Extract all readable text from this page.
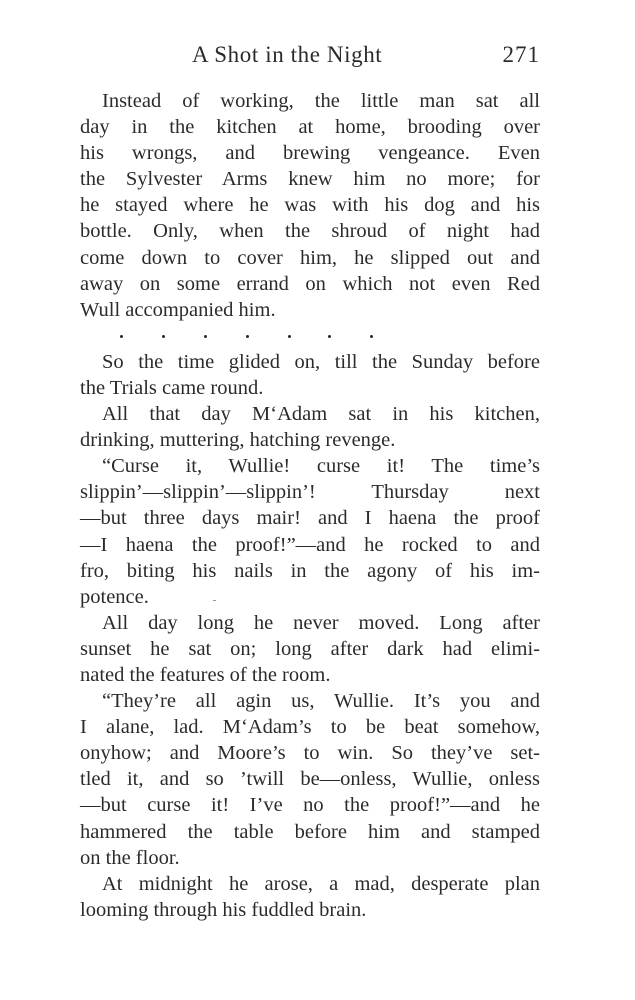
A Shot in the Night	271

Instead of working, the little man sat all
day in the kitchen at home, brooding over
his wrongs, and brewing vengeance. Even
the Sylvester Arms knew him no more; for
he stayed where he was with his dog and his
bottle. Only, when the shroud of night had
come down to cover him, he slipped out and
away on some errand on which not even Red
Wull accompanied him.

So the time glided on, till the Sunday before
the Trials came round.

All that day M‘Adam sat in his kitchen,
drinking, muttering, hatching revenge.

“Curse it, Wullie! curse it! The time’s
slippin’—slippin’—slippin’! Thursday next
—but three days mair! and I haena the proof
—I haena the proof!”—and he rocked to and
fro, biting his nails in the agony of his im-
potence.

All day long he never moved. Long after
sunset he sat on; long after dark had elimi-
nated the features of the room.

“They’re all agin us, Wullie. It’s you and
I alane, lad. M‘Adam’s to be beat somehow,
onyhow; and Moore’s to win. So they’ve set-
tled it, and so ’twill be—onless, Wullie, onless
—but curse it! I’ve no the proof!”—and he
hammered the table before him and stamped
on the floor.

At midnight he arose, a mad, desperate plan
looming through his fuddled brain.
